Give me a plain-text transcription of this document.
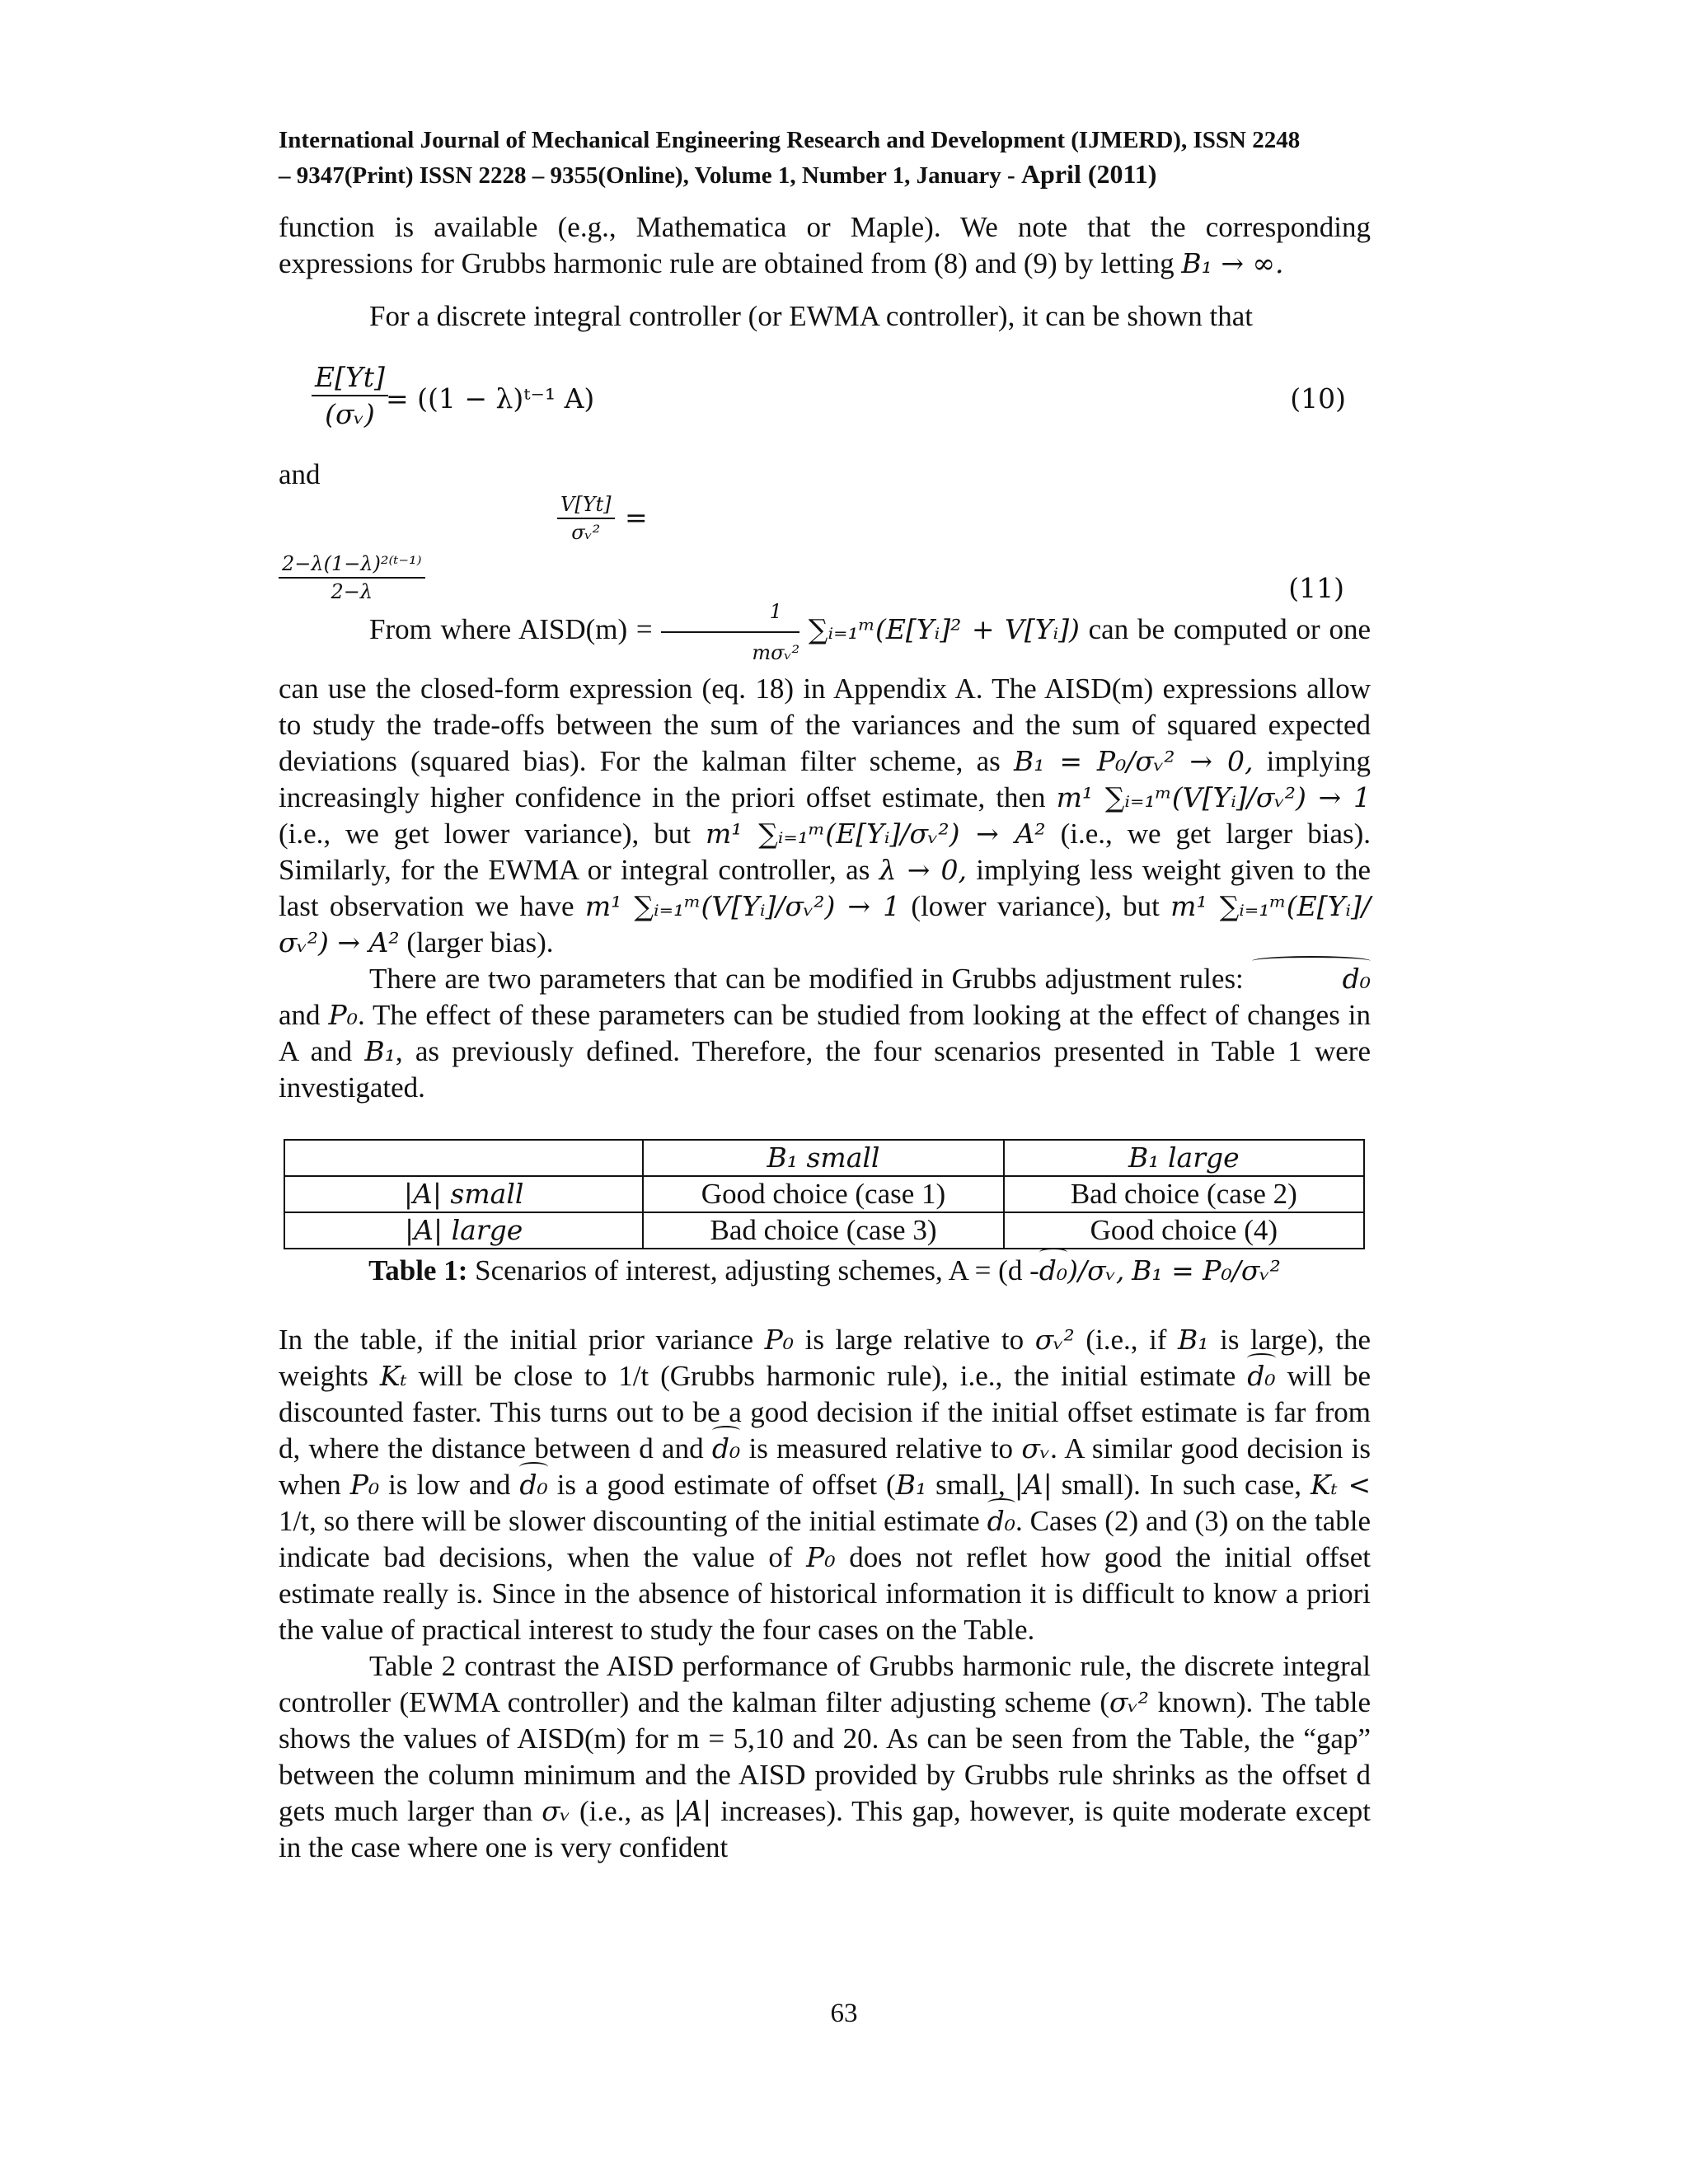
International Journal of Mechanical Engineering Research and Development (IJMERD), ISSN 2248
– 9347(Print) ISSN 2228 – 9355(Online), Volume 1, Number 1, January - April (2011)

function is available (e.g., Mathematica or Maple). We note that the corresponding expressions for Grubbs harmonic rule are obtained from (8) and (9) by letting B₁ → ∞.

For a discrete integral controller (or EWMA controller), it can be shown that

$\frac{E[Yt]}{\text{(σᵥ)}}$
= ((1 − λ)ᵗ⁻¹ A)	(10)

and

$\frac{V[Yt]}{\text{σᵥ²}}$ =
$\frac{\text{2−λ(1−λ)²⁽ᵗ⁻¹⁾}}{2-\lambda}$	(11)

From where AISD(m) = $\frac{1}{\text{mσᵥ²}}$ ∑ᵢ₌₁ᵐ(E[Yᵢ]² + V[Yᵢ]) can be computed or one can use the closed-form expression (eq. 18) in Appendix A. The AISD(m) expressions allow to study the trade-offs between the sum of the variances and the sum of squared expected deviations (squared bias). For the kalman filter scheme, as B₁ = P₀/σᵥ² → 0, implying increasingly higher confidence in the priori offset estimate, then m¹ ∑ᵢ₌₁ᵐ(V[Yᵢ]/σᵥ²) → 1 (i.e., we get lower variance), but m¹ ∑ᵢ₌₁ᵐ(E[Yᵢ]/σᵥ²) → A² (i.e., we get larger bias). Similarly, for the EWMA or integral controller, as λ → 0, implying less weight given to the last observation we have m¹ ∑ᵢ₌₁ᵐ(V[Yᵢ]/σᵥ²) → 1 (lower variance), but m¹ ∑ᵢ₌₁ᵐ(E[Yᵢ]/σᵥ²) → A² (larger bias).

There are two parameters that can be modified in Grubbs adjustment rules:	d₀ and P₀. The effect of these parameters can be studied from looking at the effect of changes in A and B₁, as previously defined. Therefore, the four scenarios presented in Table 1 were investigated.

	B₁ small	B₁ large
|A| small	Good choice (case 1)	Bad choice (case 2)
|A| large	Bad choice (case 3)	Good choice (4)

Table 1: Scenarios of interest, adjusting schemes, A = (d -d₀)/σᵥ, B₁ = P₀/σᵥ²

In the table, if the initial prior variance P₀ is large relative to σᵥ² (i.e., if B₁ is large), the weights Kₜ will be close to 1/t (Grubbs harmonic rule), i.e., the initial estimate d₀ will be discounted faster. This turns out to be a good decision if the initial offset estimate is far from d, where the distance between d and d₀ is measured relative to σᵥ. A similar good decision is when P₀ is low and d₀ is a good estimate of offset (B₁ small, |A| small). In such case, Kₜ < 1/t, so there will be slower discounting of the initial estimate d₀. Cases (2) and (3) on the table indicate bad decisions, when the value of P₀ does not reflet how good the initial offset estimate really is. Since in the absence of historical information it is difficult to know a priori the value of practical interest to study the four cases on the Table.

Table 2 contrast the AISD performance of Grubbs harmonic rule, the discrete integral controller (EWMA controller) and the kalman filter adjusting scheme (σᵥ² known). The table shows the values of AISD(m) for m = 5,10 and 20. As can be seen from the Table, the “gap” between the column minimum and the AISD provided by Grubbs rule shrinks as the offset d gets much larger than σᵥ (i.e., as |A| increases). This gap, however, is quite moderate except in the case where one is very confident

63
